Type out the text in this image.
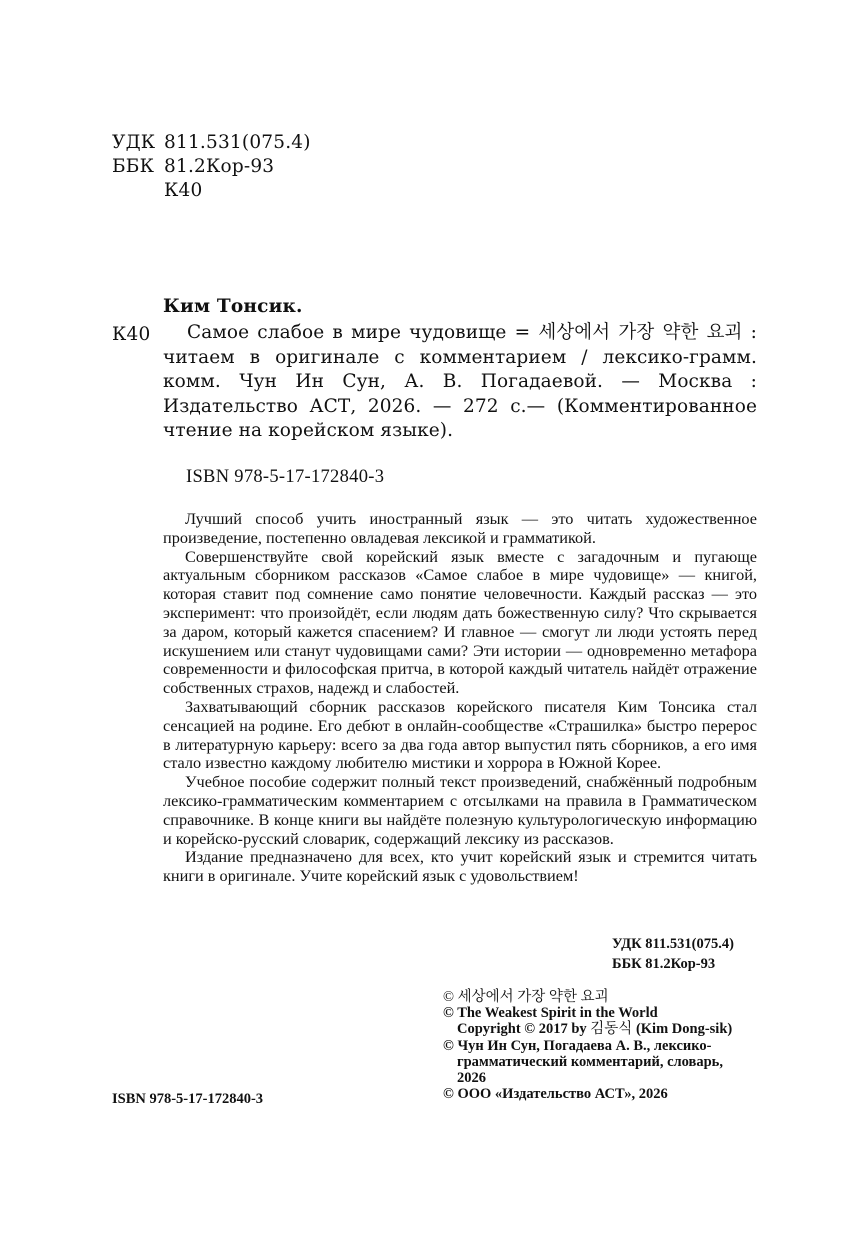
УДК 811.531(075.4)
ББК 81.2Кор-93
К40
Ким Тонсик.
К40	Самое слабое в мире чудовище = 세상에서 가장 약한 요괴 : читаем в оригинале с комментарием / лексико-грамм. комм. Чун Ин Сун, А. В. Погадаевой. — Москва : Издательство АСТ, 2026. — 272 с.— (Комментированное чтение на корейском языке).
ISBN 978-5-17-172840-3

Лучший способ учить иностранный язык — это читать художественное произведение, постепенно овладевая лексикой и грамматикой.

Совершенствуйте свой корейский язык вместе с загадочным и пугающе актуальным сборником рассказов «Самое слабое в мире чудовище» — книгой, которая ставит под сомнение само понятие человечности. Каждый рассказ — это эксперимент: что произойдёт, если людям дать божественную силу? Что скрывается за даром, который кажется спасением? И главное — смогут ли люди устоять перед искушением или станут чудовищами сами? Эти истории — одновременно метафора современности и философская притча, в которой каждый читатель найдёт отражение собственных страхов, надежд и слабостей.

Захватывающий сборник рассказов корейского писателя Ким Тонсика стал сенсацией на родине. Его дебют в онлайн-сообществе «Страшилка» быстро перерос в литературную карьеру: всего за два года автор выпустил пять сборников, а его имя стало известно каждому любителю мистики и хоррора в Южной Корее.

Учебное пособие содержит полный текст произведений, снабжённый подробным лексико-грамматическим комментарием с отсылками на правила в Грамматическом справочнике. В конце книги вы найдёте полезную культурологическую информацию и корейско-русский словарик, содержащий лексику из рассказов.

Издание предназначено для всех, кто учит корейский язык и стремится читать книги в оригинале. Учите корейский язык с удовольствием!

УДК 811.531(075.4)
ББК 81.2Кор-93
© 세상에서 가장 약한 요괴
© The Weakest Spirit in the World
Copyright © 2017 by 김동식 (Kim Dong-sik)
© Чун Ин Сун, Погадаева А. В., лексико-
грамматический комментарий, словарь,
2026
© ООО «Издательство АСТ», 2026
ISBN 978-5-17-172840-3
